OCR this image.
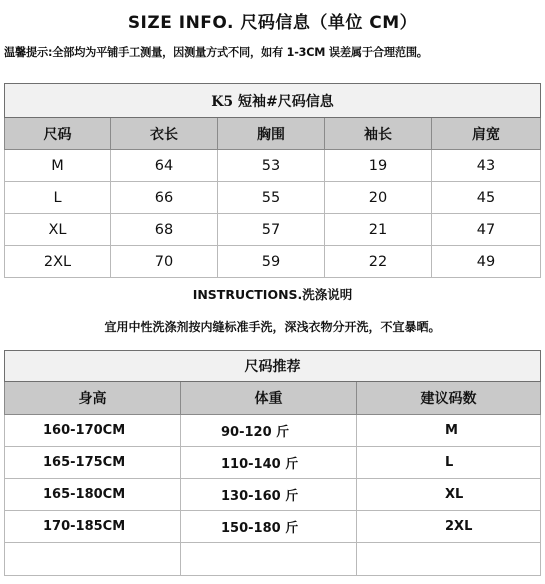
SIZE INFO. 尺码信息（单位 CM）
温馨提示:全部均为平铺手工测量，因测量方式不同，如有 1-3CM 误差属于合理范围。
K5 短袖#尺码信息				
尺码	衣长	胸围	袖长	肩宽
M	64	53	19	43
L	66	55	20	45
XL	68	57	21	47
2XL	70	59	22	49
INSTRUCTIONS.洗涤说明
宜用中性洗涤剂按内缝标准手洗，深浅衣物分开洗，不宜暴晒。
尺码推荐		
身高	体重	建议码数
160-170CM	90-120 斤	M
165-175CM	110-140 斤	L
165-180CM	130-160 斤	XL
170-185CM	150-180 斤	2XL
